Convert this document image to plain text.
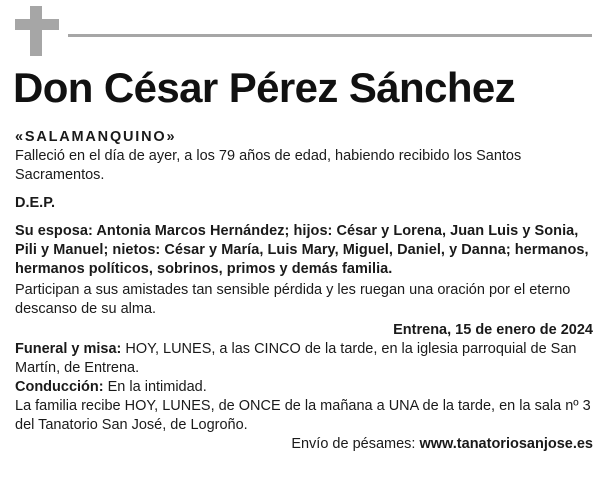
Don César Pérez Sánchez

«SALAMANQUINO»

Falleció en el día de ayer, a los 79 años de edad, habiendo recibido los Santos Sacramentos.

D.E.P.

Su esposa: Antonia Marcos Hernández; hijos: César y Lorena, Juan Luis y Sonia, Pili y Manuel; nietos: César y María, Luis Mary, Miguel, Daniel, y Danna; hermanos, hermanos políticos, sobrinos, primos y demás familia.

Participan a sus amistades tan sensible pérdida y les ruegan una oración por el eterno descanso de su alma.

Entrena, 15 de enero de 2024

Funeral y misa: HOY, LUNES, a las CINCO de la tarde, en la iglesia parroquial de San Martín, de Entrena.

Conducción: En la intimidad.

La familia recibe HOY, LUNES, de ONCE de la mañana a UNA de la tarde, en la sala nº 3 del Tanatorio San José, de Logroño.

Envío de pésames: www.tanatoriosanjose.es
